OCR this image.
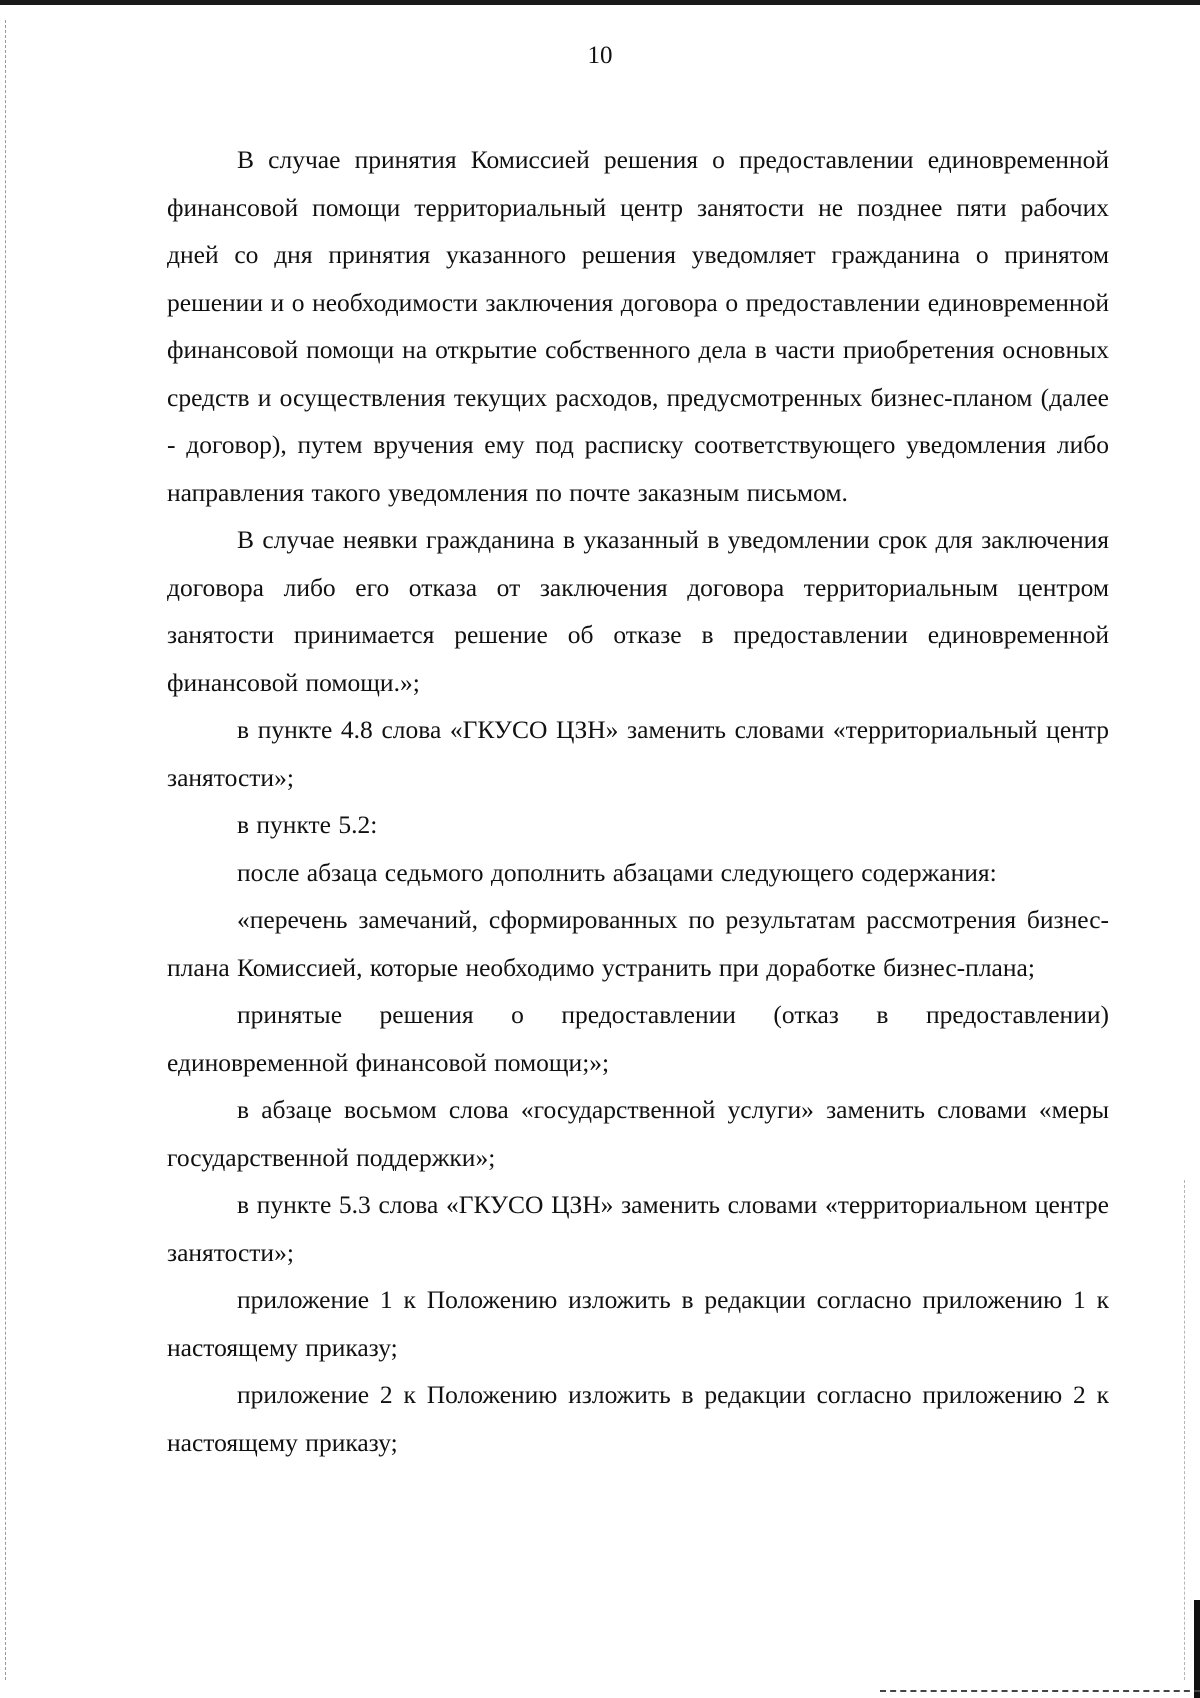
10

В случае принятия Комиссией решения о предоставлении единовременной финансовой помощи территориальный центр занятости не позднее пяти рабочих дней со дня принятия указанного решения уведомляет гражданина о принятом решении и о необходимости заключения договора о предоставлении единовременной финансовой помощи на открытие собственного дела в части приобретения основных средств и осуществления текущих расходов, предусмотренных бизнес-планом (далее - договор), путем вручения ему под расписку соответствующего уведомления либо направления такого уведомления по почте заказным письмом.

В случае неявки гражданина в указанный в уведомлении срок для заключения договора либо его отказа от заключения договора территориальным центром занятости принимается решение об отказе в предоставлении единовременной финансовой помощи.»;

в пункте 4.8 слова «ГКУСО ЦЗН» заменить словами «территориальный центр занятости»;

в пункте 5.2:

после абзаца седьмого дополнить абзацами следующего содержания:

«перечень замечаний, сформированных по результатам рассмотрения бизнес-плана Комиссией, которые необходимо устранить при доработке бизнес-плана;

принятые решения о предоставлении (отказ в предоставлении) единовременной финансовой помощи;»;

в абзаце восьмом слова «государственной услуги» заменить словами «меры государственной поддержки»;

в пункте 5.3 слова «ГКУСО ЦЗН» заменить словами «территориальном центре занятости»;

приложение 1 к Положению изложить в редакции согласно приложению 1 к настоящему приказу;

приложение 2 к Положению изложить в редакции согласно приложению 2 к настоящему приказу;
